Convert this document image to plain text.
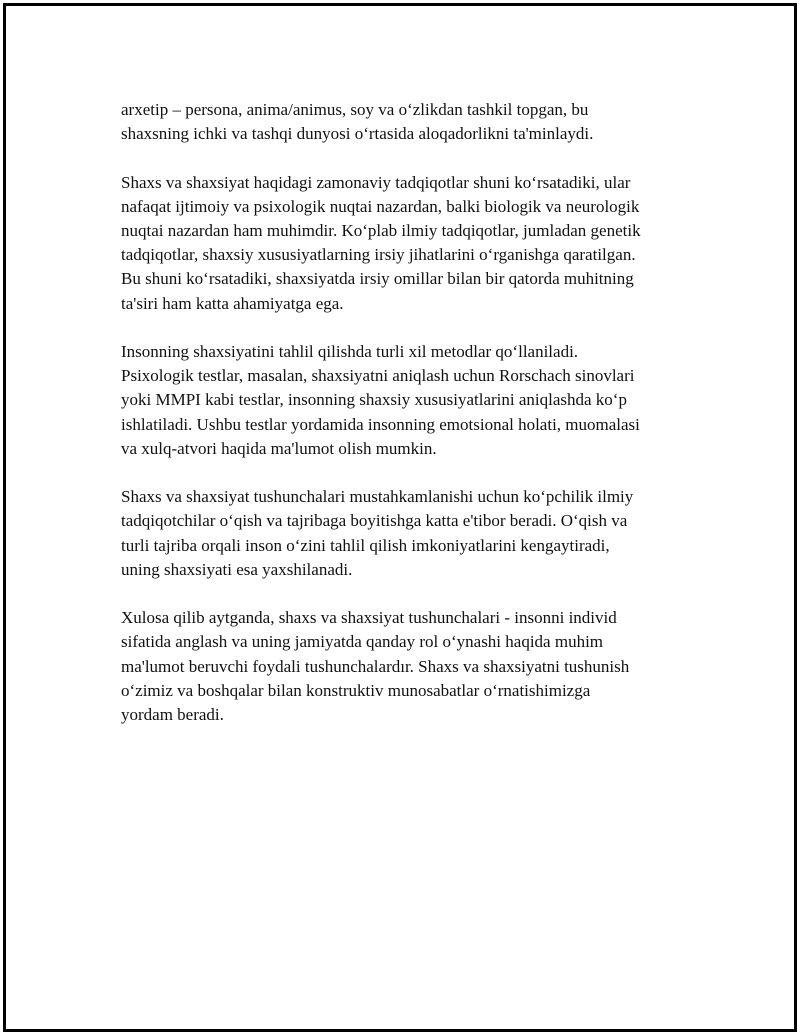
arxetip – persona, anima/animus, soy va o‘zlikdan tashkil topgan, bu
shaxsning ichki va tashqi dunyosi o‘rtasida aloqadorlikni ta'minlaydi.

Shaxs va shaxsiyat haqidagi zamonaviy tadqiqotlar shuni ko‘rsatadiki, ular
nafaqat ijtimoiy va psixologik nuqtai nazardan, balki biologik va neurologik
nuqtai nazardan ham muhimdir. Ko‘plab ilmiy tadqiqotlar, jumladan genetik
tadqiqotlar, shaxsiy xususiyatlarning irsiy jihatlarini o‘rganishga qaratilgan.
Bu shuni ko‘rsatadiki, shaxsiyatda irsiy omillar bilan bir qatorda muhitning
ta'siri ham katta ahamiyatga ega.

Insonning shaxsiyatini tahlil qilishda turli xil metodlar qo‘llaniladi.
Psixologik testlar, masalan, shaxsiyatni aniqlash uchun Rorschach sinovlari
yoki MMPI kabi testlar, insonning shaxsiy xususiyatlarini aniqlashda ko‘p
ishlatiladi. Ushbu testlar yordamida insonning emotsional holati, muomalasi
va xulq-atvori haqida ma'lumot olish mumkin.

Shaxs va shaxsiyat tushunchalari mustahkamlanishi uchun ko‘pchilik ilmiy
tadqiqotchilar o‘qish va tajribaga boyitishga katta e'tibor beradi. O‘qish va
turli tajriba orqali inson o‘zini tahlil qilish imkoniyatlarini kengaytiradi,
uning shaxsiyati esa yaxshilanadi.

Xulosa qilib aytganda, shaxs va shaxsiyat tushunchalari - insonni individ
sifatida anglash va uning jamiyatda qanday rol o‘ynashi haqida muhim
ma'lumot beruvchi foydali tushunchalardır. Shaxs va shaxsiyatni tushunish
o‘zimiz va boshqalar bilan konstruktiv munosabatlar o‘rnatishimizga
yordam beradi.
